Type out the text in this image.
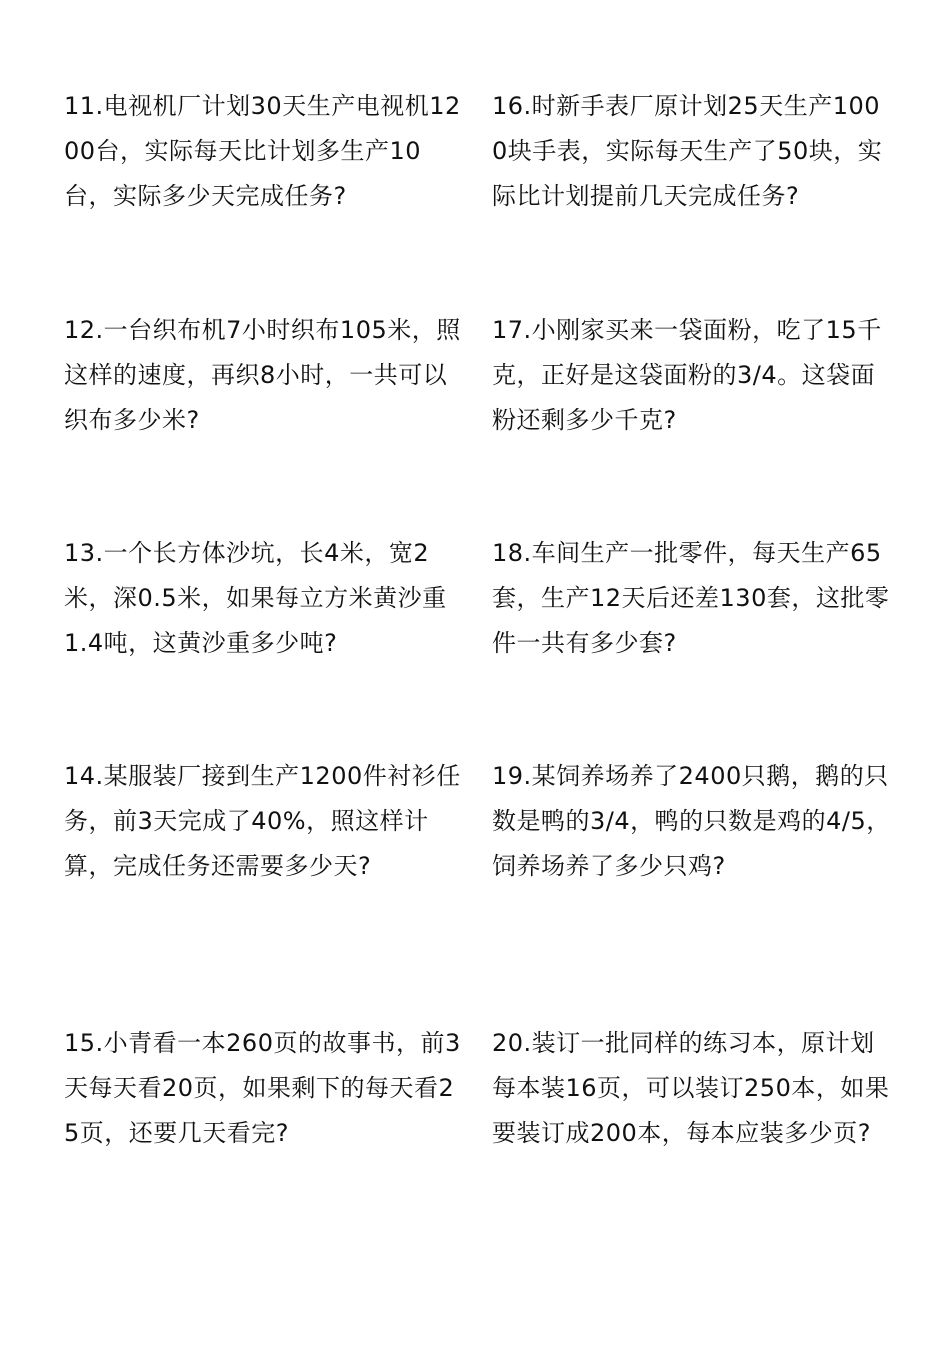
11.电视机厂计划30天生产电视机1200台，实际每天比计划多生产10台，实际多少天完成任务?

12.一台织布机7小时织布105米，照这样的速度，再织8小时，一共可以织布多少米?

13.一个长方体沙坑，长4米，宽2米，深0.5米，如果每立方米黄沙重1.4吨，这黄沙重多少吨?

14.某服装厂接到生产1200件衬衫任务，前3天完成了40%，照这样计算，完成任务还需要多少天?

15.小青看一本260页的故事书，前3天每天看20页，如果剩下的每天看25页，还要几天看完?

16.时新手表厂原计划25天生产1000块手表，实际每天生产了50块，实际比计划提前几天完成任务?

17.小刚家买来一袋面粉，吃了15千克，正好是这袋面粉的3/4。这袋面粉还剩多少千克?

18.车间生产一批零件，每天生产65套，生产12天后还差130套，这批零件一共有多少套?

19.某饲养场养了2400只鹅，鹅的只数是鸭的3/4，鸭的只数是鸡的4/5，饲养场养了多少只鸡?

20.装订一批同样的练习本，原计划每本装16页，可以装订250本，如果要装订成200本，每本应装多少页?
